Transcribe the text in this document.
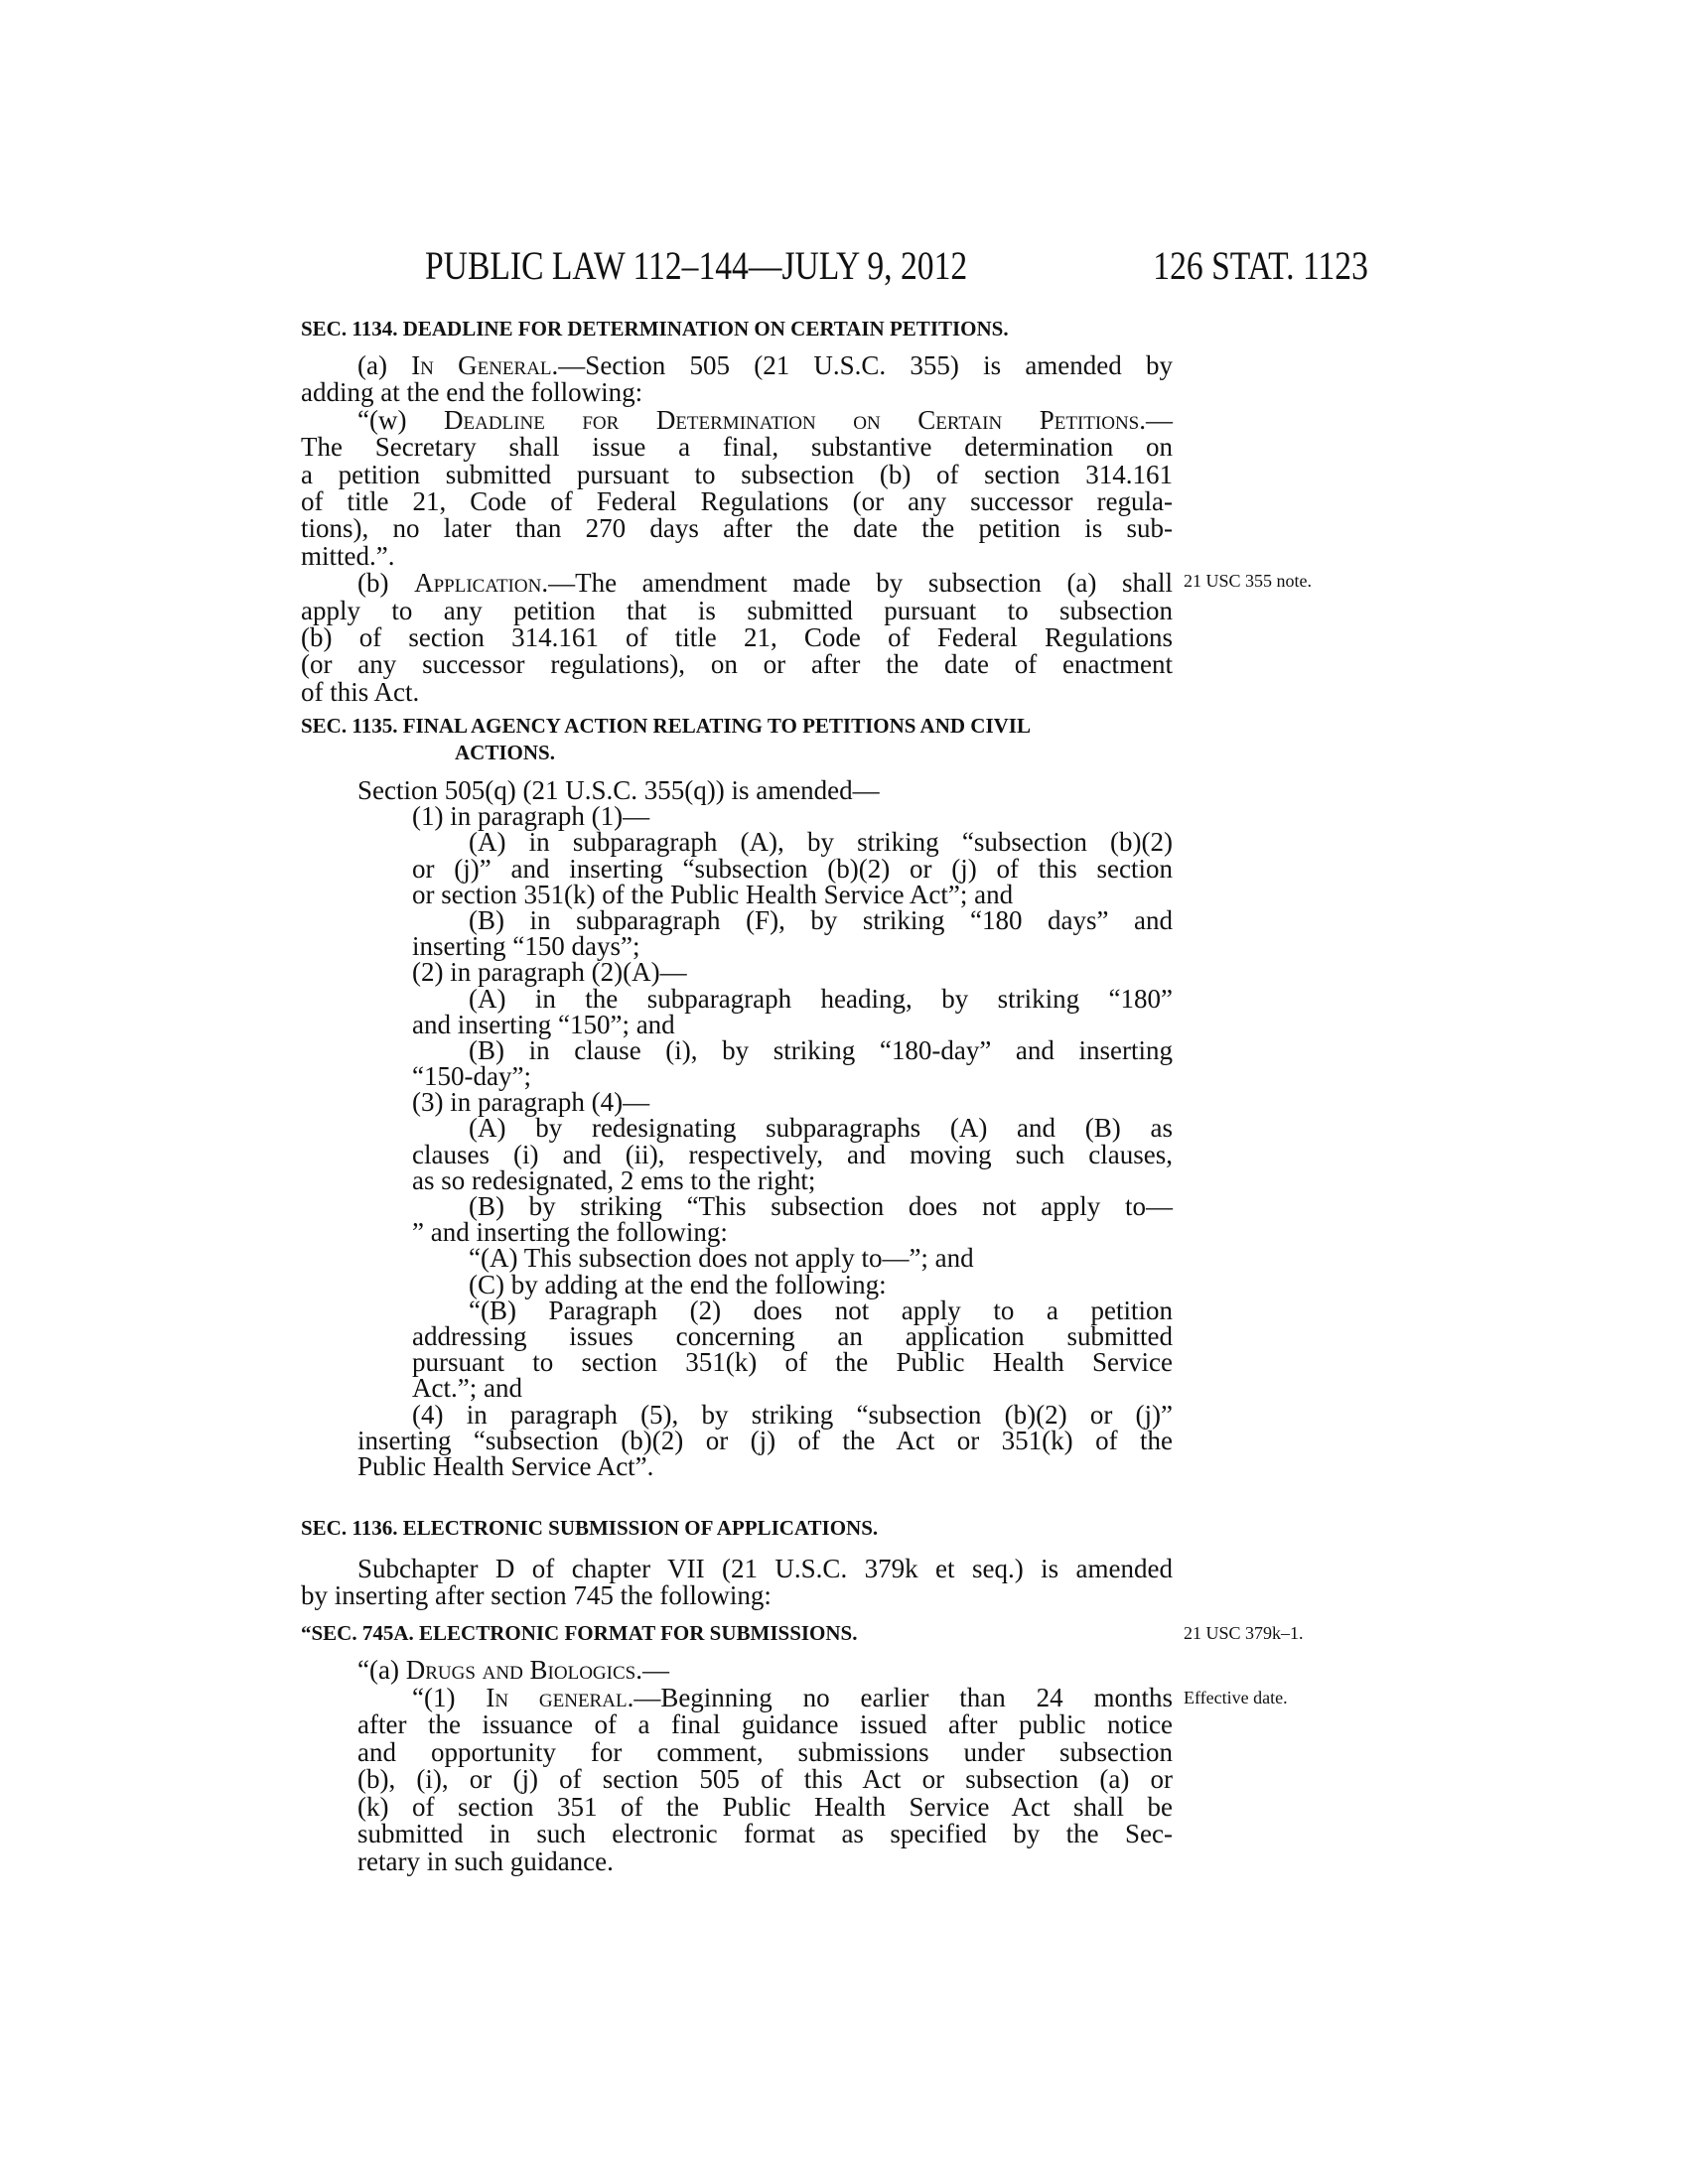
PUBLIC LAW 112–144—JULY 9, 2012	126 STAT. 1123
SEC. 1134. DEADLINE FOR DETERMINATION ON CERTAIN PETITIONS.
(a) In General.—Section 505 (21 U.S.C. 355) is amended by
adding at the end the following:
“(w) Deadline for Determination on Certain Petitions.—
The Secretary shall issue a final, substantive determination on
a petition submitted pursuant to subsection (b) of section 314.161
of title 21, Code of Federal Regulations (or any successor regula-
tions), no later than 270 days after the date the petition is sub-
mitted.”.
(b) Application.—The amendment made by subsection (a) shall
apply to any petition that is submitted pursuant to subsection
(b) of section 314.161 of title 21, Code of Federal Regulations
(or any successor regulations), on or after the date of enactment
of this Act.
SEC. 1135. FINAL AGENCY ACTION RELATING TO PETITIONS AND CIVIL
ACTIONS.
Section 505(q) (21 U.S.C. 355(q)) is amended—
(1) in paragraph (1)—
(A) in subparagraph (A), by striking “subsection (b)(2)
or (j)” and inserting “subsection (b)(2) or (j) of this section
or section 351(k) of the Public Health Service Act”; and
(B) in subparagraph (F), by striking “180 days” and
inserting “150 days”;
(2) in paragraph (2)(A)—
(A) in the subparagraph heading, by striking “180”
and inserting “150”; and
(B) in clause (i), by striking “180-day” and inserting
“150-day”;
(3) in paragraph (4)—
(A) by redesignating subparagraphs (A) and (B) as
clauses (i) and (ii), respectively, and moving such clauses,
as so redesignated, 2 ems to the right;
(B) by striking “This subsection does not apply to—
” and inserting the following:
“(A) This subsection does not apply to—”; and
(C) by adding at the end the following:
“(B) Paragraph (2) does not apply to a petition
addressing issues concerning an application submitted
pursuant to section 351(k) of the Public Health Service
Act.”; and
(4) in paragraph (5), by striking “subsection (b)(2) or (j)”
inserting “subsection (b)(2) or (j) of the Act or 351(k) of the
Public Health Service Act”.
SEC. 1136. ELECTRONIC SUBMISSION OF APPLICATIONS.
Subchapter D of chapter VII (21 U.S.C. 379k et seq.) is amended
by inserting after section 745 the following:
“SEC. 745A. ELECTRONIC FORMAT FOR SUBMISSIONS.
“(a) Drugs and Biologics.—
“(1) In general.—Beginning no earlier than 24 months
after the issuance of a final guidance issued after public notice
and opportunity for comment, submissions under subsection
(b), (i), or (j) of section 505 of this Act or subsection (a) or
(k) of section 351 of the Public Health Service Act shall be
submitted in such electronic format as specified by the Sec-
retary in such guidance.
21 USC 355 note.
21 USC 379k–1.
Effective date.
